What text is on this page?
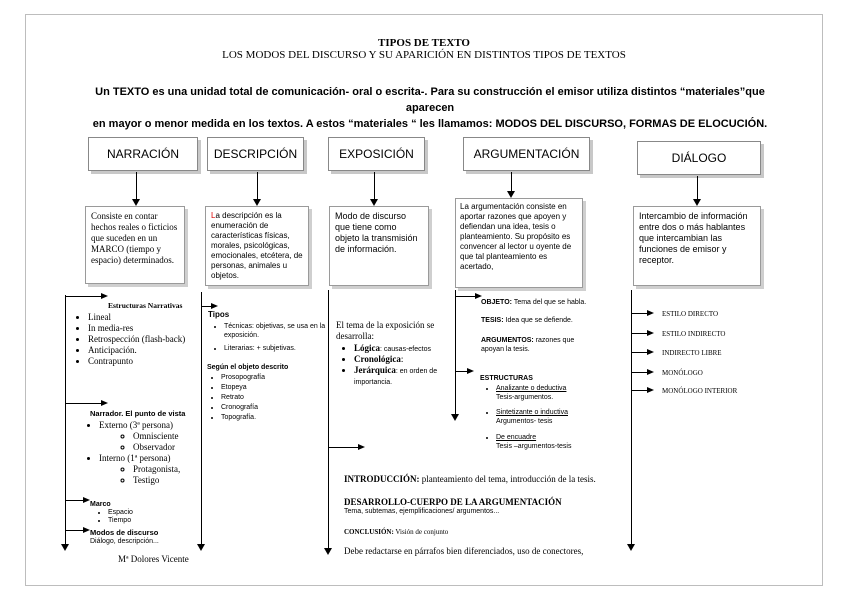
TIPOS DE TEXTO
LOS MODOS DEL DISCURSO Y SU APARICIÓN EN DISTINTOS TIPOS DE TEXTOS
Un TEXTO es una unidad total de comunicación- oral o escrita-. Para su construcción el emisor utiliza distintos “materiales”que aparecen
en mayor o menor medida en los textos. A estos “materiales “ les llamamos: MODOS DEL DISCURSO, FORMAS DE ELOCUCIÓN.
NARRACIÓN	DESCRIPCIÓN	EXPOSICIÓN	ARGUMENTACIÓN	DIÁLOGO
Consiste en contar hechos reales o ficticios que suceden en un MARCO (tiempo y espacio) determinados.
La descripción es la enumeración de características físicas, morales, psicológicas, emocionales, etcétera, de personas, animales u objetos.
Modo de discurso que tiene como objeto la transmisión de información.
La argumentación consiste en aportar razones que apoyen y defiendan una idea, tesis o planteamiento. Su propósito es convencer al lector u oyente de que tal planteamiento es acertado,
Intercambio de información entre dos o más hablantes que intercambian las funciones de emisor y receptor.
Estructuras Narrativas
• Lineal
• In media-res
• Retrospección (flash-back)
• Anticipación.
• Contrapunto
Narrador. El punto de vista
• Externo (3ª persona)
◦ Omnisciente
◦ Observador
• Interno (1ª persona)
◦ Protagonista,
◦ Testigo
Marco
• Espacio
• Tiempo
Modos de discurso
Diálogo, descripción...
Mª Dolores Vicente
Tipos
• Técnicas: objetivas, se usa en la exposición.
• Literarias: + subjetivas.
Según el objeto descrito
• Prosopografía
• Etopeya
• Retrato
• Cronografía
• Topografía.
El tema de la exposición se desarrolla:
• Lógica: causas-efectos
• Cronológica:
• Jerárquica: en orden de importancia.
OBJETO: Tema del que se habla.
TESIS: Idea que se defiende.
ARGUMENTOS: razones que apoyan la tesis.
ESTRUCTURAS
• Analizante o deductiva
Tesis-argumentos.
• Sintetizante o inductiva
Argumentos- tesis
• De encuadre
Tesis –argumentos-tesis
INTRODUCCIÓN: planteamiento del tema, introducción de la tesis.
DESARROLLO-CUERPO DE LA ARGUMENTACIÓN
Tema, subtemas, ejemplificaciones/ argumentos...
CONCLUSIÓN: Visión de conjunto
Debe redactarse en párrafos bien diferenciados, uso de conectores,
ESTILO DIRECTO
ESTILO INDIRECTO
INDIRECTO LIBRE
MONÓLOGO
MONÓLOGO INTERIOR
